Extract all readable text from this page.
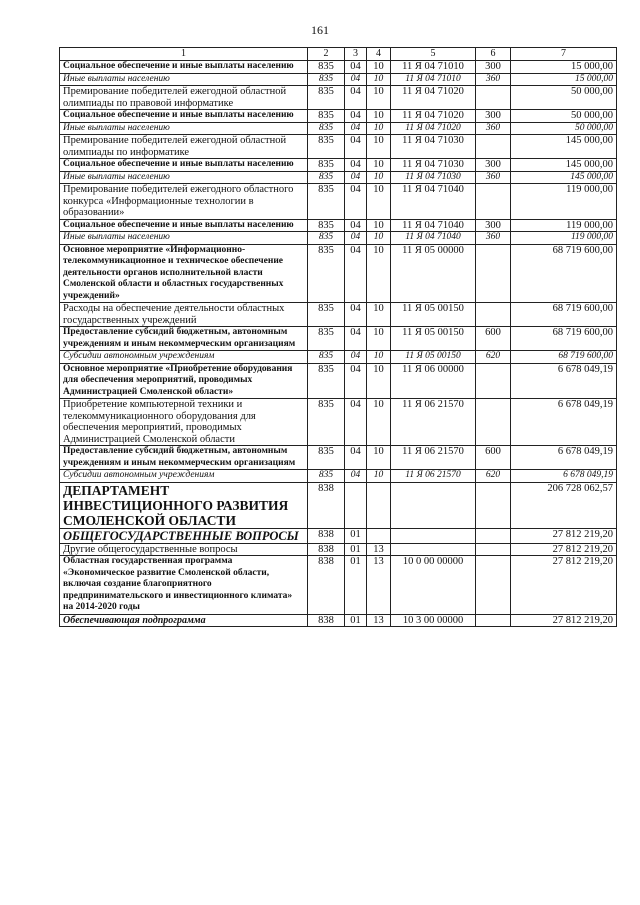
161
1	2	3	4	5	6	7
Социальное обеспечение и иные выплаты населению	835	04	10	11 Я 04 71010	300	15 000,00
Иные выплаты населению	835	04	10	11 Я 04 71010	360	15 000,00
Премирование победителей ежегодной областной олимпиады по правовой информатике	835	04	10	11 Я 04 71020		50 000,00
Социальное обеспечение и иные выплаты населению	835	04	10	11 Я 04 71020	300	50 000,00
Иные выплаты населению	835	04	10	11 Я 04 71020	360	50 000,00
Премирование победителей ежегодной областной олимпиады по информатике	835	04	10	11 Я 04 71030		145 000,00
Социальное обеспечение и иные выплаты населению	835	04	10	11 Я 04 71030	300	145 000,00
Иные выплаты населению	835	04	10	11 Я 04 71030	360	145 000,00
Премирование победителей ежегодного областного конкурса «Информационные технологии в образовании»	835	04	10	11 Я 04 71040		119 000,00
Социальное обеспечение и иные выплаты населению	835	04	10	11 Я 04 71040	300	119 000,00
Иные выплаты населению	835	04	10	11 Я 04 71040	360	119 000,00
Основное мероприятие «Информационно-телекоммуникационное и техническое обеспечение деятельности органов исполнительной власти Смоленской области и областных государственных учреждений»	835	04	10	11 Я 05 00000		68 719 600,00
Расходы на обеспечение деятельности областных государственных учреждений	835	04	10	11 Я 05 00150		68 719 600,00
Предоставление субсидий бюджетным, автономным учреждениям и иным некоммерческим организациям	835	04	10	11 Я 05 00150	600	68 719 600,00
Субсидии автономным учреждениям	835	04	10	11 Я 05 00150	620	68 719 600,00
Основное мероприятие «Приобретение оборудования для обеспечения мероприятий, проводимых Администрацией Смоленской области»	835	04	10	11 Я 06 00000		6 678 049,19
Приобретение компьютерной техники и телекоммуникационного оборудования для обеспечения мероприятий, проводимых Администрацией Смоленской области	835	04	10	11 Я 06 21570		6 678 049,19
Предоставление субсидий бюджетным, автономным учреждениям и иным некоммерческим организациям	835	04	10	11 Я 06 21570	600	6 678 049,19
Субсидии автономным учреждениям	835	04	10	11 Я 06 21570	620	6 678 049,19
ДЕПАРТАМЕНТ ИНВЕСТИЦИОННОГО РАЗВИТИЯ СМОЛЕНСКОЙ ОБЛАСТИ	838					206 728 062,57
ОБЩЕГОСУДАРСТВЕННЫЕ ВОПРОСЫ	838	01				27 812 219,20
Другие общегосударственные вопросы	838	01	13			27 812 219,20
Областная государственная программа «Экономическое развитие Смоленской области, включая создание благоприятного предпринимательского и инвестиционного климата» на 2014-2020 годы	838	01	13	10 0 00 00000		27 812 219,20
Обеспечивающая подпрограмма	838	01	13	10 3 00 00000		27 812 219,20
